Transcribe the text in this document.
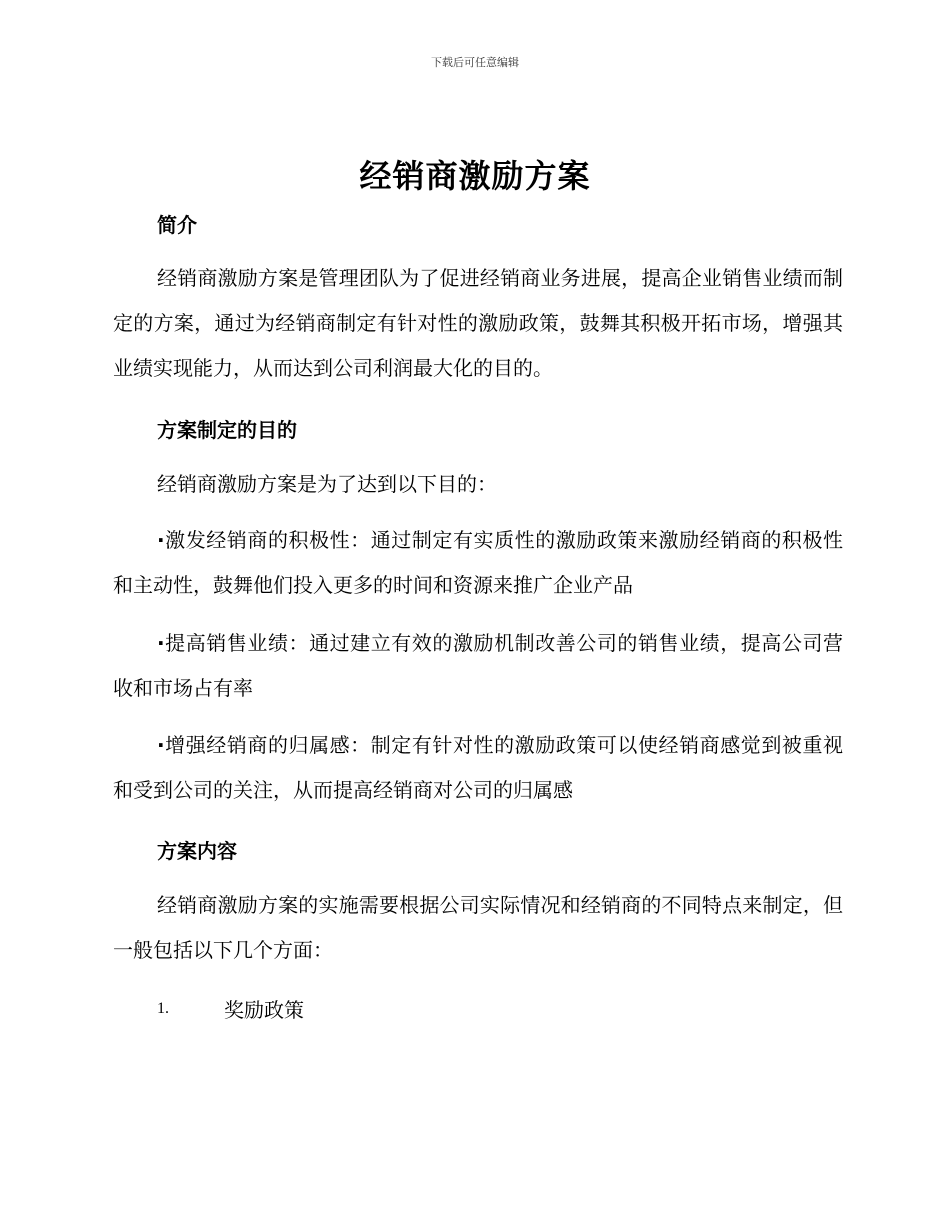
下载后可任意编辑
经销商激励方案
简介

经销商激励方案是管理团队为了促进经销商业务进展，提高企业销售业绩而制定的方案，通过为经销商制定有针对性的激励政策，鼓舞其积极开拓市场，增强其业绩实现能力，从而达到公司利润最大化的目的。

方案制定的目的

经销商激励方案是为了达到以下目的：

·激发经销商的积极性：通过制定有实质性的激励政策来激励经销商的积极性和主动性，鼓舞他们投入更多的时间和资源来推广企业产品

·提高销售业绩：通过建立有效的激励机制改善公司的销售业绩，提高公司营收和市场占有率

·增强经销商的归属感：制定有针对性的激励政策可以使经销商感觉到被重视和受到公司的关注，从而提高经销商对公司的归属感

方案内容

经销商激励方案的实施需要根据公司实际情况和经销商的不同特点来制定，但一般包括以下几个方面：

1.	奖励政策
